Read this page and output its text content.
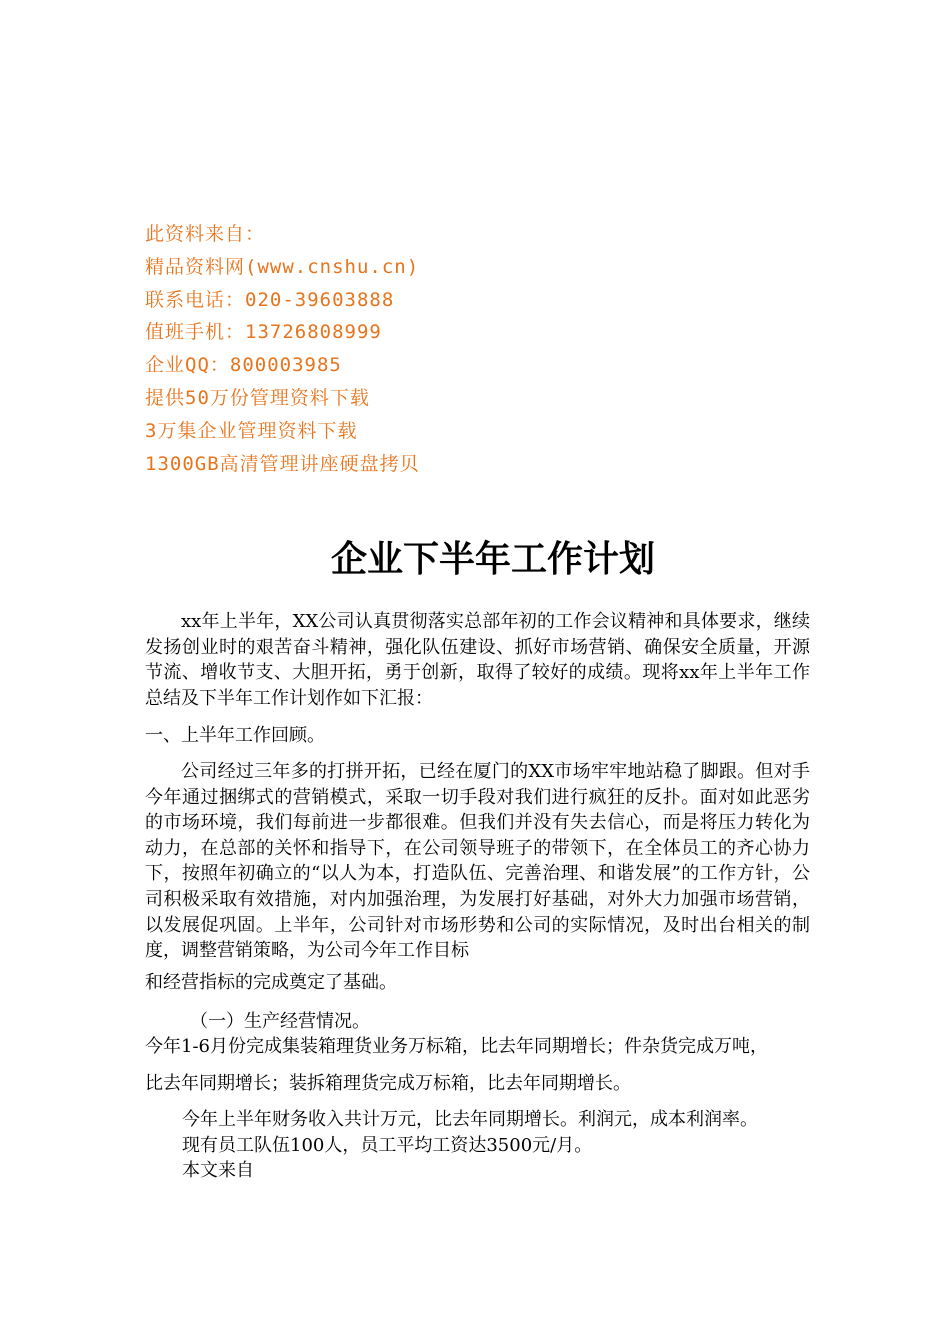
此资料来自：
精品资料网(www.cnshu.cn)
联系电话：020-39603888
值班手机：13726808999
企业QQ：800003985
提供50万份管理资料下载
3万集企业管理资料下载
1300GB高清管理讲座硬盘拷贝
企业下半年工作计划
xx年上半年，XX公司认真贯彻落实总部年初的工作会议精神和具体要求，继续发扬创业时的艰苦奋斗精神，强化队伍建设、抓好市场营销、确保安全质量，开源节流、增收节支、大胆开拓，勇于创新，取得了较好的成绩。现将xx年上半年工作总结及下半年工作计划作如下汇报：
一、上半年工作回顾。
公司经过三年多的打拼开拓，已经在厦门的XX市场牢牢地站稳了脚跟。但对手今年通过捆绑式的营销模式，采取一切手段对我们进行疯狂的反扑。面对如此恶劣的市场环境，我们每前进一步都很难。但我们并没有失去信心，而是将压力转化为动力，在总部的关怀和指导下，在公司领导班子的带领下，在全体员工的齐心协力下，按照年初确立的“以人为本，打造队伍、完善治理、和谐发展”的工作方针，公司积极采取有效措施，对内加强治理，为发展打好基础，对外大力加强市场营销，以发展促巩固。上半年，公司针对市场形势和公司的实际情况，及时出台相关的制度，调整营销策略，为公司今年工作目标
和经营指标的完成奠定了基础。
（一）生产经营情况。
今年1-6月份完成集装箱理货业务万标箱，比去年同期增长；件杂货完成万吨，
比去年同期增长；装拆箱理货完成万标箱，比去年同期增长。
今年上半年财务收入共计万元，比去年同期增长。利润元，成本利润率。
现有员工队伍100人，员工平均工资达3500元/月。
本文来自
